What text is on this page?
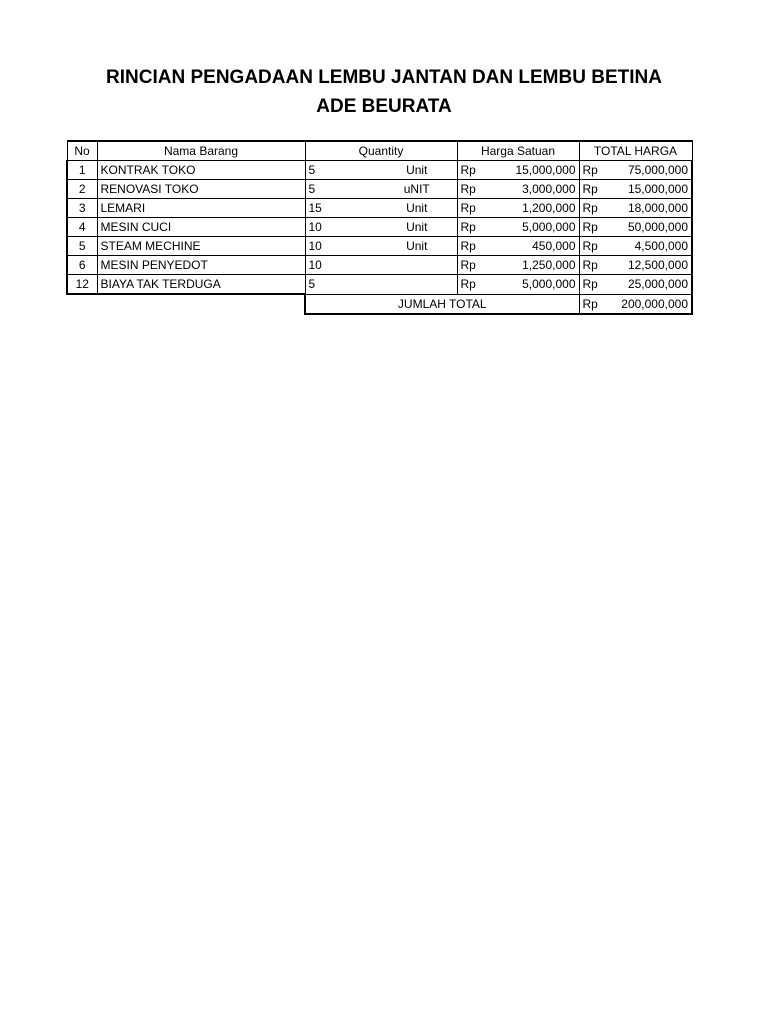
RINCIAN PENGADAAN LEMBU JANTAN DAN LEMBU BETINA
ADE BEURATA
No	Nama Barang	Quantity		Harga Satuan		TOTAL HARGA	
1	KONTRAK TOKO	5	Unit	Rp	15,000,000	Rp	75,000,000
2	RENOVASI TOKO	5	uNIT	Rp	3,000,000	Rp	15,000,000
3	LEMARI	15	Unit	Rp	1,200,000	Rp	18,000,000
4	MESIN CUCI	10	Unit	Rp	5,000,000	Rp	50,000,000
5	STEAM MECHINE	10	Unit	Rp	450,000	Rp	4,500,000
6	MESIN PENYEDOT	10		Rp	1,250,000	Rp	12,500,000
12	BIAYA TAK TERDUGA	5		Rp	5,000,000	Rp	25,000,000
		JUMLAH TOTAL				Rp	200,000,000
